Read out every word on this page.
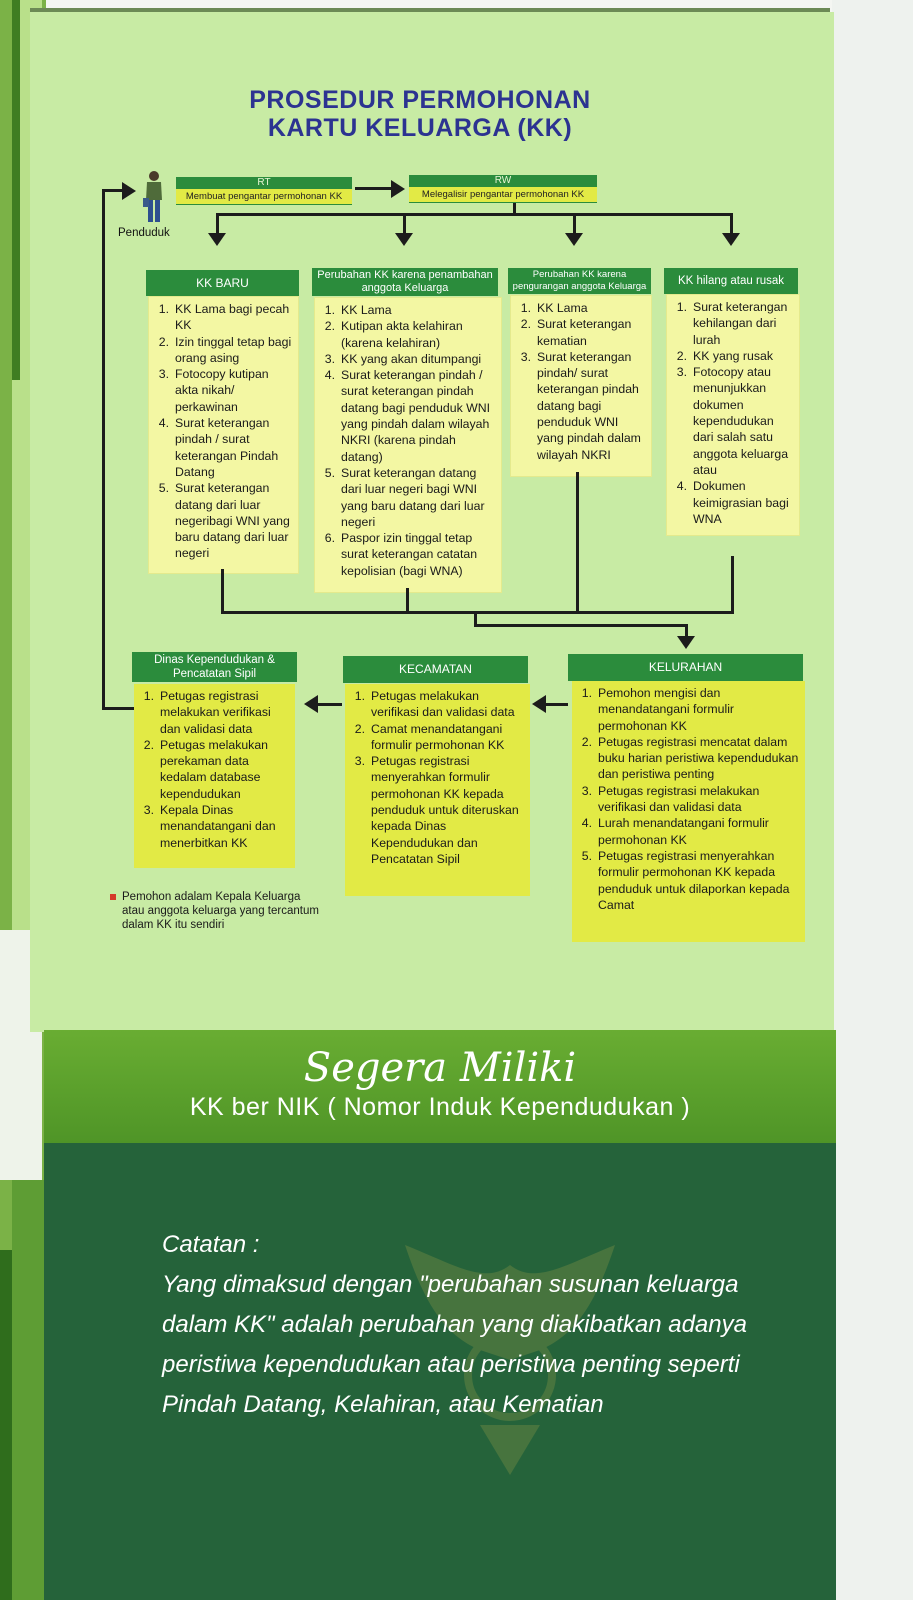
PROSEDUR PERMOHONAN
KARTU KELUARGA (KK)
Penduduk
RT
Membuat pengantar permohonan KK
RW
Melegalisir pengantar permohonan KK
KK BARU
1. KK Lama bagi pecah KK
2. Izin tinggal tetap bagi orang asing
3. Fotocopy kutipan akta nikah/ perkawinan
4. Surat keterangan pindah / surat keterangan Pindah Datang
5. Surat keterangan datang dari luar negeribagi WNI yang baru datang dari luar negeri
Perubahan KK karena penambahan anggota Keluarga
1. KK Lama
2. Kutipan akta kelahiran (karena kelahiran)
3. KK yang akan ditumpangi
4. Surat keterangan pindah / surat keterangan pindah datang bagi penduduk WNI yang pindah dalam wilayah NKRI (karena pindah datang)
5. Surat keterangan datang dari luar negeri bagi WNI yang baru datang dari luar negeri
6. Paspor izin tinggal tetap surat keterangan catatan kepolisian (bagi WNA)
Perubahan KK karena pengurangan anggota Keluarga
1. KK Lama
2. Surat keterangan kematian
3. Surat keterangan pindah/ surat keterangan pindah datang bagi penduduk WNI yang pindah dalam wilayah NKRI
KK hilang atau rusak
1. Surat keterangan kehilangan dari lurah
2. KK yang rusak
3. Fotocopy atau menunjukkan dokumen kependudukan dari salah satu anggota keluarga atau
4. Dokumen keimigrasian bagi WNA
KELURAHAN
1. Pemohon mengisi dan menandatangani formulir permohonan KK
2. Petugas registrasi mencatat dalam buku harian peristiwa kependudukan dan peristiwa penting
3. Petugas registrasi melakukan verifikasi dan validasi data
4. Lurah menandatangani formulir permohonan KK
5. Petugas registrasi menyerahkan formulir permohonan KK kepada penduduk untuk dilaporkan kepada Camat
KECAMATAN
1. Petugas melakukan verifikasi dan validasi data
2. Camat menandatangani formulir permohonan KK
3. Petugas registrasi menyerahkan formulir permohonan KK kepada penduduk untuk diteruskan kepada Dinas Kependudukan dan Pencatatan Sipil
Dinas Kependudukan & Pencatatan Sipil
1. Petugas registrasi melakukan verifikasi dan validasi data
2. Petugas melakukan perekaman data kedalam database kependudukan
3. Kepala Dinas menandatangani dan menerbitkan KK
Pemohon adalam Kepala Keluarga
atau anggota keluarga yang tercantum
dalam KK itu sendiri
Segera Miliki
KK ber NIK ( Nomor Induk Kependudukan )
Catatan :
Yang dimaksud dengan "perubahan susunan keluarga
dalam KK" adalah perubahan yang diakibatkan adanya
peristiwa kependudukan atau peristiwa penting seperti
Pindah Datang, Kelahiran, atau Kematian
